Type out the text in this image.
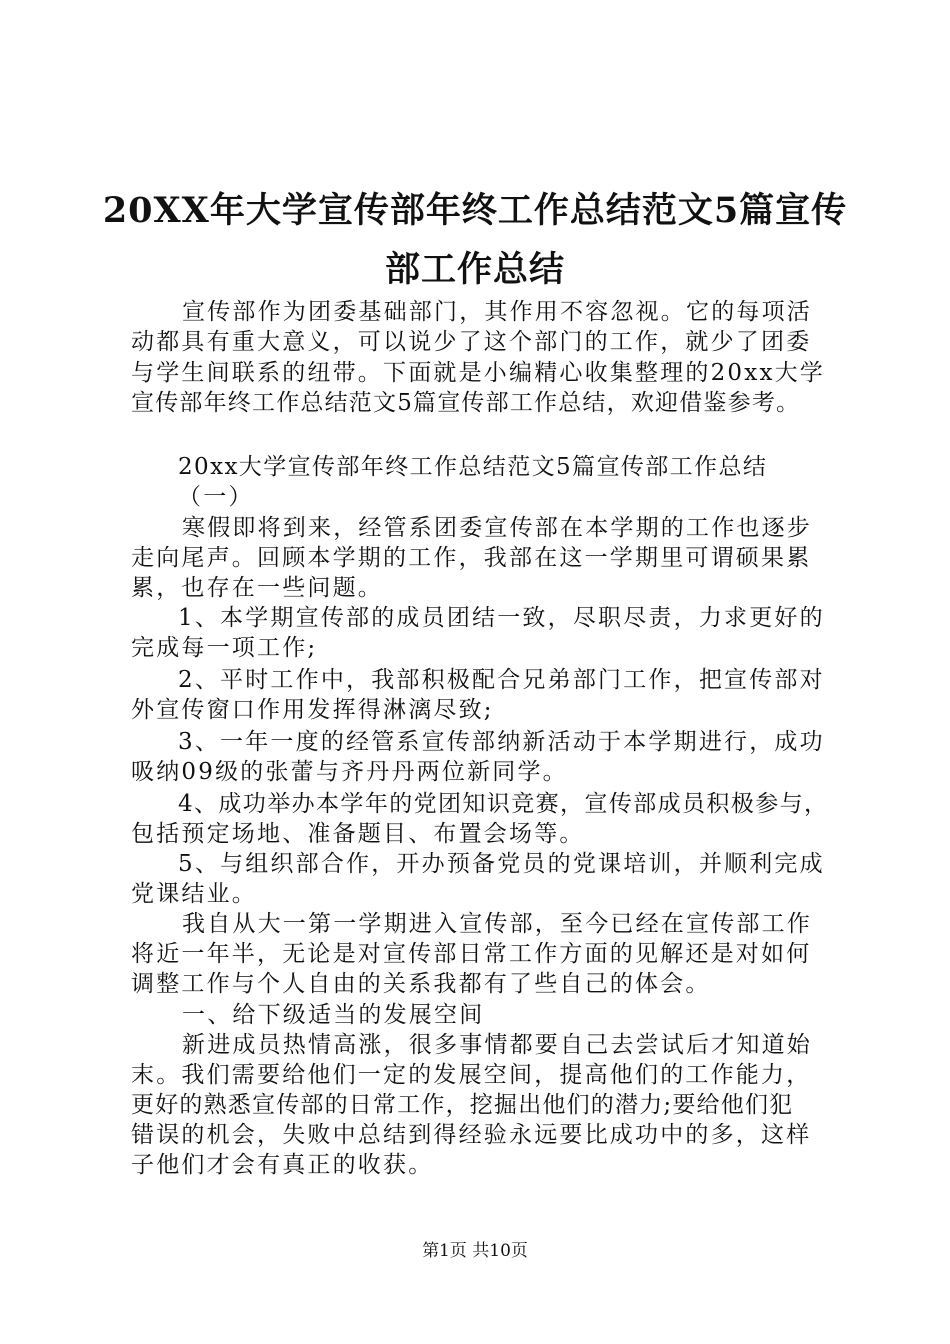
20XX年大学宣传部年终工作总结范文5篇宣传
部工作总结
宣传部作为团委基础部门，其作用不容忽视。它的每项活
动都具有重大意义，可以说少了这个部门的工作，就少了团委
与学生间联系的纽带。下面就是小编精心收集整理的20xx大学
宣传部年终工作总结范文5篇宣传部工作总结，欢迎借鉴参考。
20xx大学宣传部年终工作总结范文5篇宣传部工作总结
（一）
寒假即将到来，经管系团委宣传部在本学期的工作也逐步
走向尾声。回顾本学期的工作，我部在这一学期里可谓硕果累
累，也存在一些问题。
1、本学期宣传部的成员团结一致，尽职尽责，力求更好的
完成每一项工作;
2、平时工作中，我部积极配合兄弟部门工作，把宣传部对
外宣传窗口作用发挥得淋漓尽致;
3、一年一度的经管系宣传部纳新活动于本学期进行，成功
吸纳09级的张蕾与齐丹丹两位新同学。
4、成功举办本学年的党团知识竞赛，宣传部成员积极参与，
包括预定场地、准备题目、布置会场等。
5、与组织部合作，开办预备党员的党课培训，并顺利完成
党课结业。
我自从大一第一学期进入宣传部，至今已经在宣传部工作
将近一年半，无论是对宣传部日常工作方面的见解还是对如何
调整工作与个人自由的关系我都有了些自己的体会。
一、给下级适当的发展空间
新进成员热情高涨，很多事情都要自己去尝试后才知道始
末。我们需要给他们一定的发展空间，提高他们的工作能力，
更好的熟悉宣传部的日常工作，挖掘出他们的潜力;要给他们犯
错误的机会，失败中总结到得经验永远要比成功中的多，这样
子他们才会有真正的收获。
第1页 共10页
